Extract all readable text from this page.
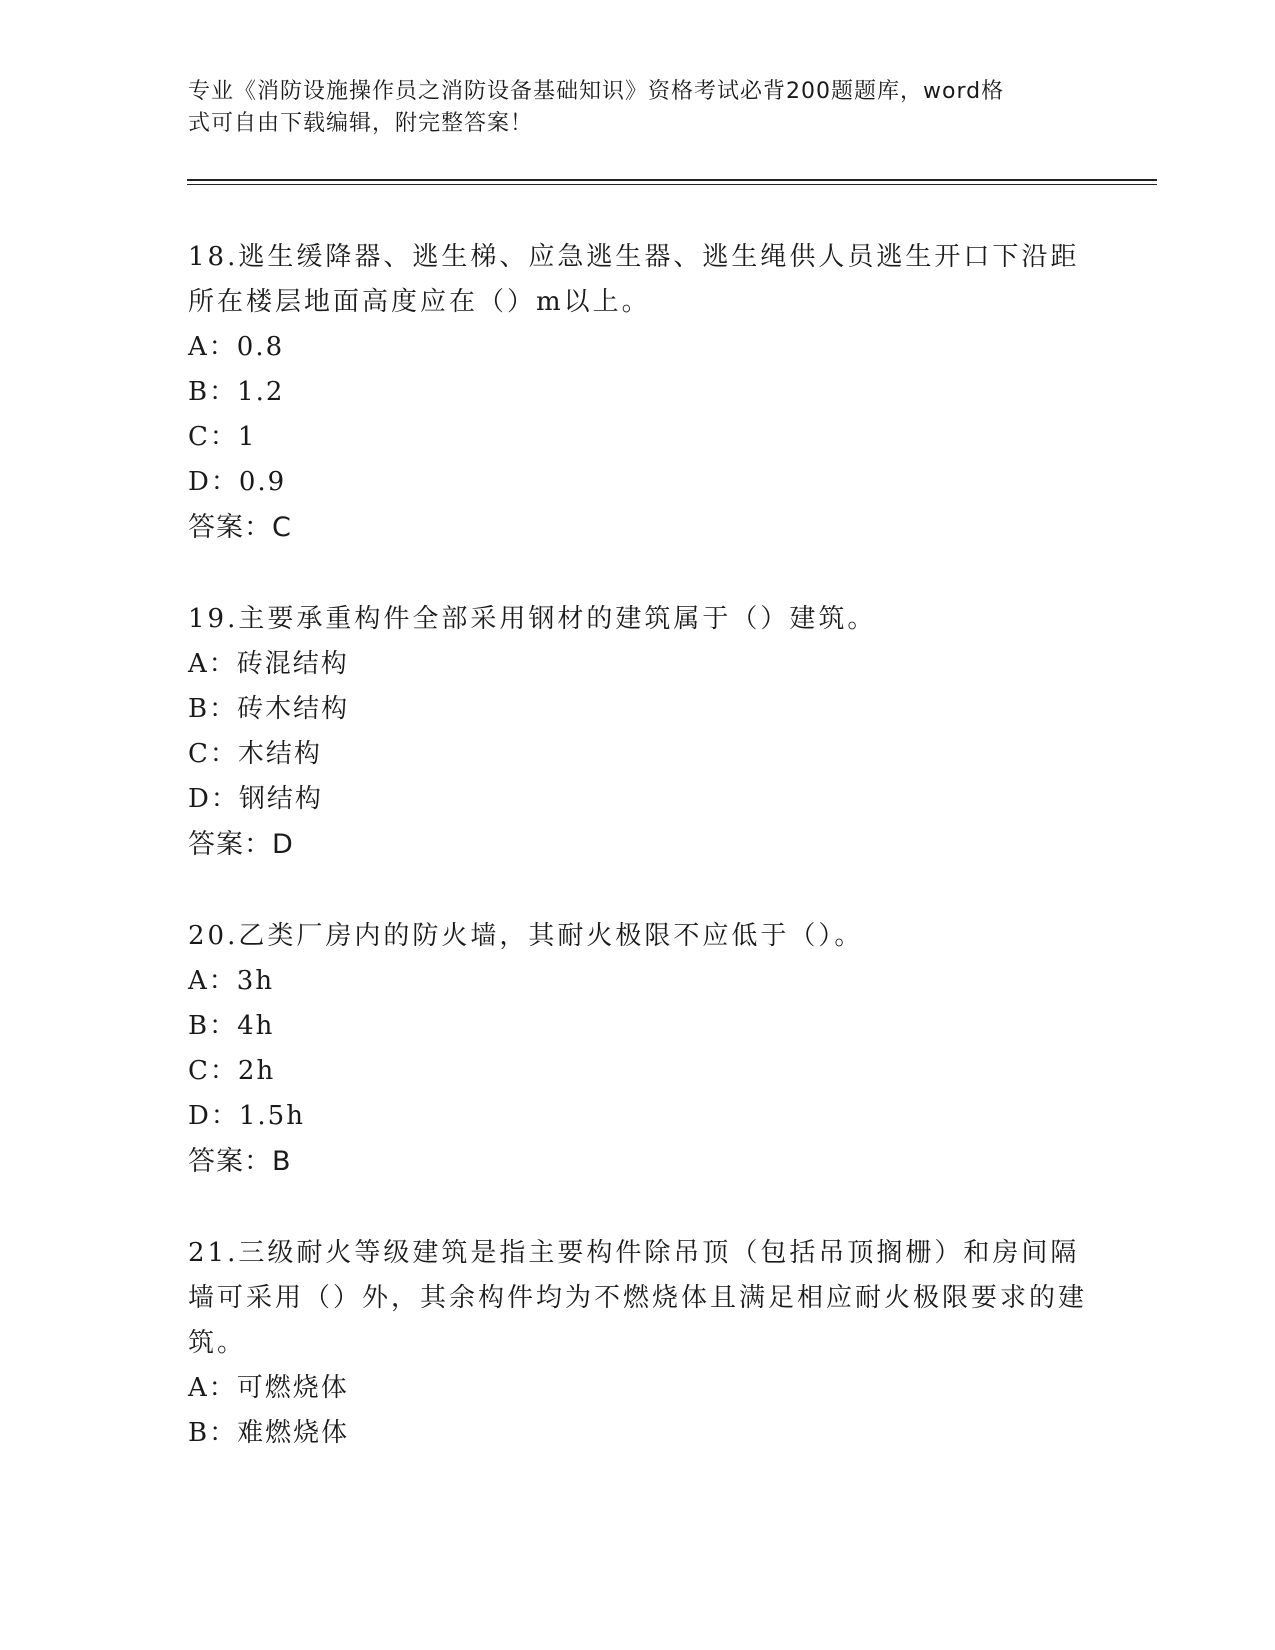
专业《消防设施操作员之消防设备基础知识》资格考试必背200题题库，word格
式可自由下载编辑，附完整答案！

18.逃生缓降器、逃生梯、应急逃生器、逃生绳供人员逃生开口下沿距所在楼层地面高度应在（）m以上。

A：0.8

B：1.2

C：1

D：0.9

答案：C

19.主要承重构件全部采用钢材的建筑属于（）建筑。

A：砖混结构

B：砖木结构

C：木结构

D：钢结构

答案：D

20.乙类厂房内的防火墙，其耐火极限不应低于（）。

A：3h

B：4h

C：2h

D：1.5h

答案：B

21.三级耐火等级建筑是指主要构件除吊顶（包括吊顶搁栅）和房间隔墙可采用（）外，其余构件均为不燃烧体且满足相应耐火极限要求的建筑。

A：可燃烧体

B：难燃烧体
